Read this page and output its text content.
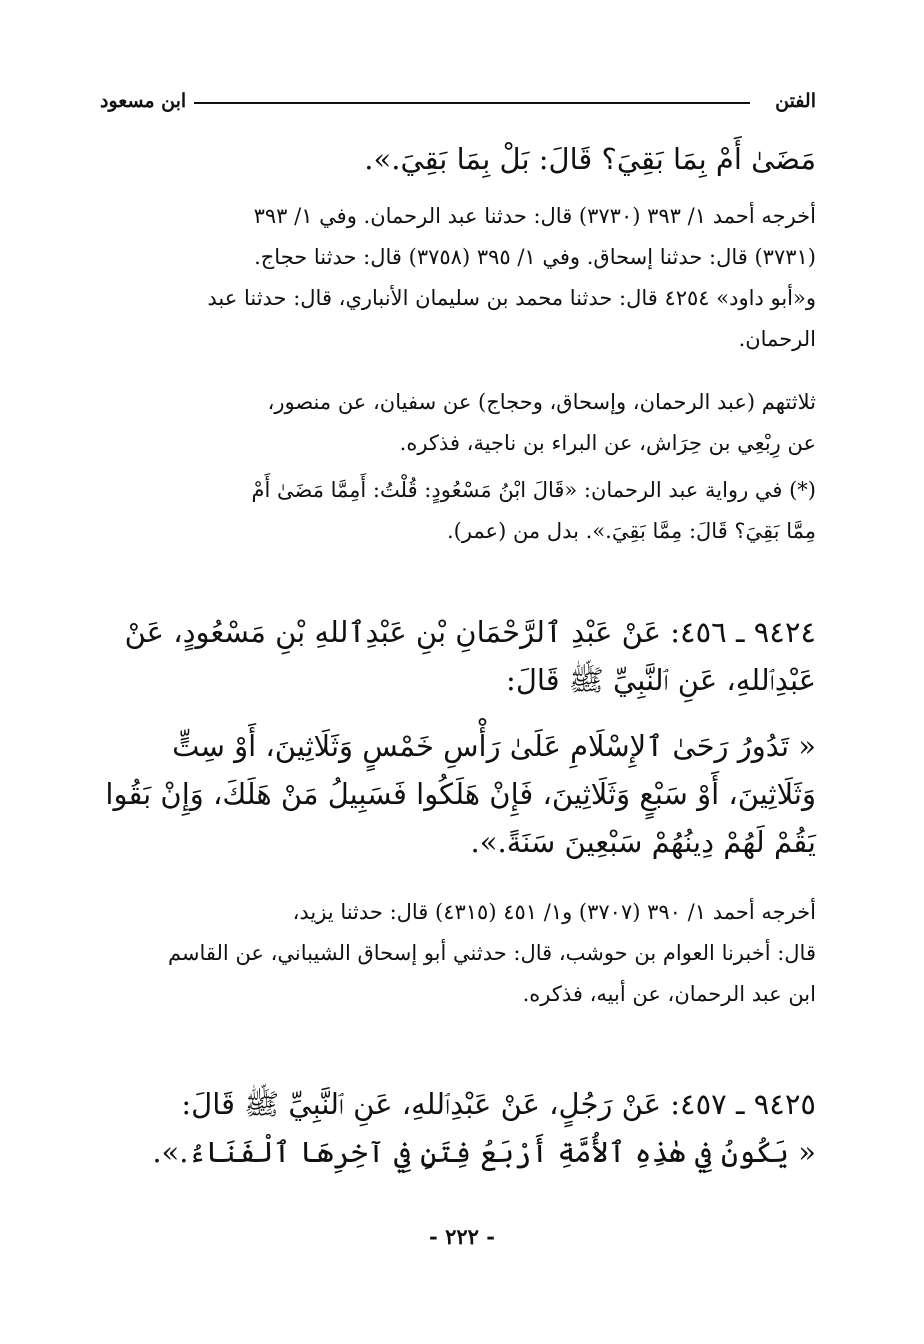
الفتن
ابن مسعود

مَضَىٰ أَمْ بِمَا بَقِيَ؟ قَالَ: بَلْ بِمَا بَقِيَ.».

أخرجه أحمد ١/ ٣٩٣ (٣٧٣٠) قال: حدثنا عبد الرحمان. وفي ١/ ٣٩٣

(٣٧٣١) قال: حدثنا إسحاق. وفي ١/ ٣٩٥ (٣٧٥٨) قال: حدثنا حجاج.

و«أبو داود» ٤٢٥٤ قال: حدثنا محمد بن سليمان الأنباري، قال: حدثنا عبد

الرحمان.

ثلاثتهم (عبد الرحمان، وإسحاق، وحجاج) عن سفيان، عن منصور،

عن رِبْعِي بن حِرَاش، عن البراء بن ناجية، فذكره.

(*) في رواية عبد الرحمان: «قَالَ ابْنُ مَسْعُودٍ: قُلْتُ: أَمِمَّا مَضَىٰ أَمْ

مِمَّا بَقِيَ؟ قَالَ: مِمَّا بَقِيَ.». بدل من (عمر).

٩٤٢٤ ـ ٤٥٦: عَنْ عَبْدِ ٱلرَّحْمَانِ بْنِ عَبْدِٱللهِ بْنِ مَسْعُودٍ، عَنْ

عَبْدِٱللهِ، عَنِ ٱلنَّبِيِّ ﷺ قَالَ:

« تَدُورُ رَحَىٰ ٱلإِسْلَامِ عَلَىٰ رَأْسِ خَمْسٍ وَثَلَاثِينَ، أَوْ سِتٍّ

وَثَلَاثِينَ، أَوْ سَبْعٍ وَثَلَاثِينَ، فَإِنْ هَلَكُوا فَسَبِيلُ مَنْ هَلَكَ، وَإِنْ بَقُوا

يَقُمْ لَهُمْ دِينُهُمْ سَبْعِينَ سَنَةً.».

أخرجه أحمد ١/ ٣٩٠ (٣٧٠٧) و١/ ٤٥١ (٤٣١٥) قال: حدثنا يزيد،

قال: أخبرنا العوام بن حوشب، قال: حدثني أبو إسحاق الشيباني، عن القاسم

ابن عبد الرحمان، عن أبيه، فذكره.

٩٤٢٥ ـ ٤٥٧: عَنْ رَجُلٍ، عَنْ عَبْدِٱللهِ، عَنِ ٱلنَّبِيِّ ﷺ قَالَ:

« يَكُونُ فِي هٰذِهِ ٱلأُمَّةِ أَرْبَعُ فِتَنٍ فِي آخِرِهَا ٱلْفَنَاءُ.».

- ٢٢٢ -
